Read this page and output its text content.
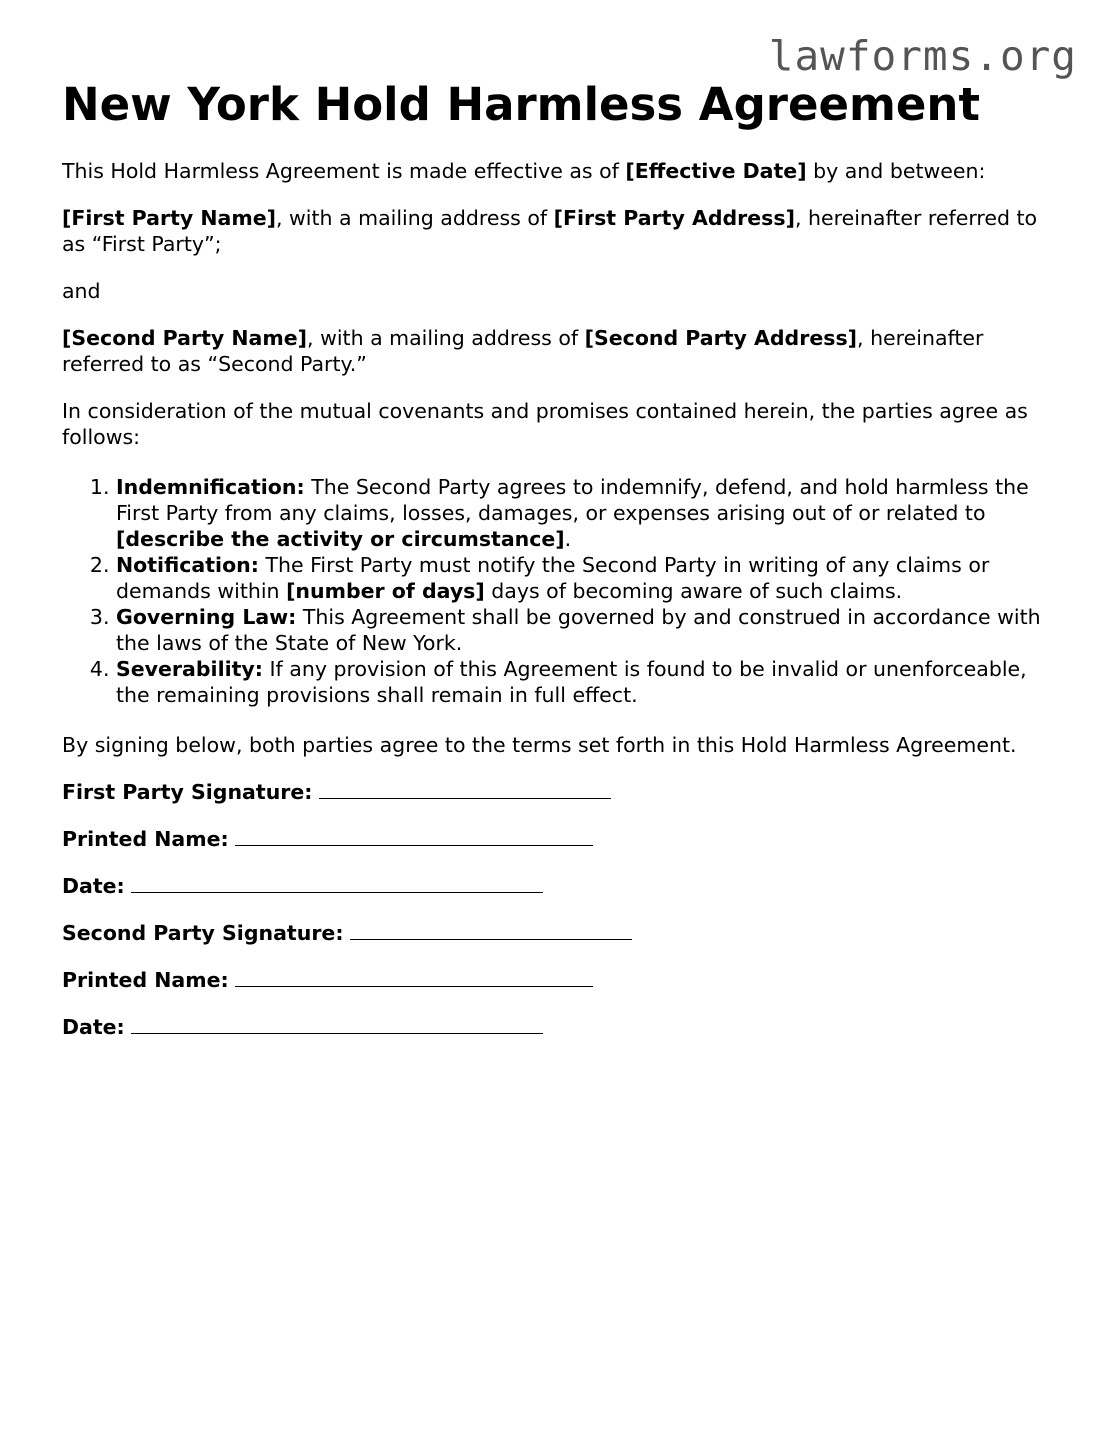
lawforms.org
New York Hold Harmless Agreement

This Hold Harmless Agreement is made effective as of [Effective Date] by and between:

[First Party Name], with a mailing address of [First Party Address], hereinafter referred to as “First Party”;

and

[Second Party Name], with a mailing address of [Second Party Address], hereinafter referred to as “Second Party.”

In consideration of the mutual covenants and promises contained herein, the parties agree as follows:

1. Indemnification: The Second Party agrees to indemnify, defend, and hold harmless the First Party from any claims, losses, damages, or expenses arising out of or related to [describe the activity or circumstance].
2. Notification: The First Party must notify the Second Party in writing of any claims or demands within [number of days] days of becoming aware of such claims.
3. Governing Law: This Agreement shall be governed by and construed in accordance with the laws of the State of New York.
4. Severability: If any provision of this Agreement is found to be invalid or unenforceable, the remaining provisions shall remain in full effect.

By signing below, both parties agree to the terms set forth in this Hold Harmless Agreement.

First Party Signature:
Printed Name:
Date:
Second Party Signature:
Printed Name:
Date:
